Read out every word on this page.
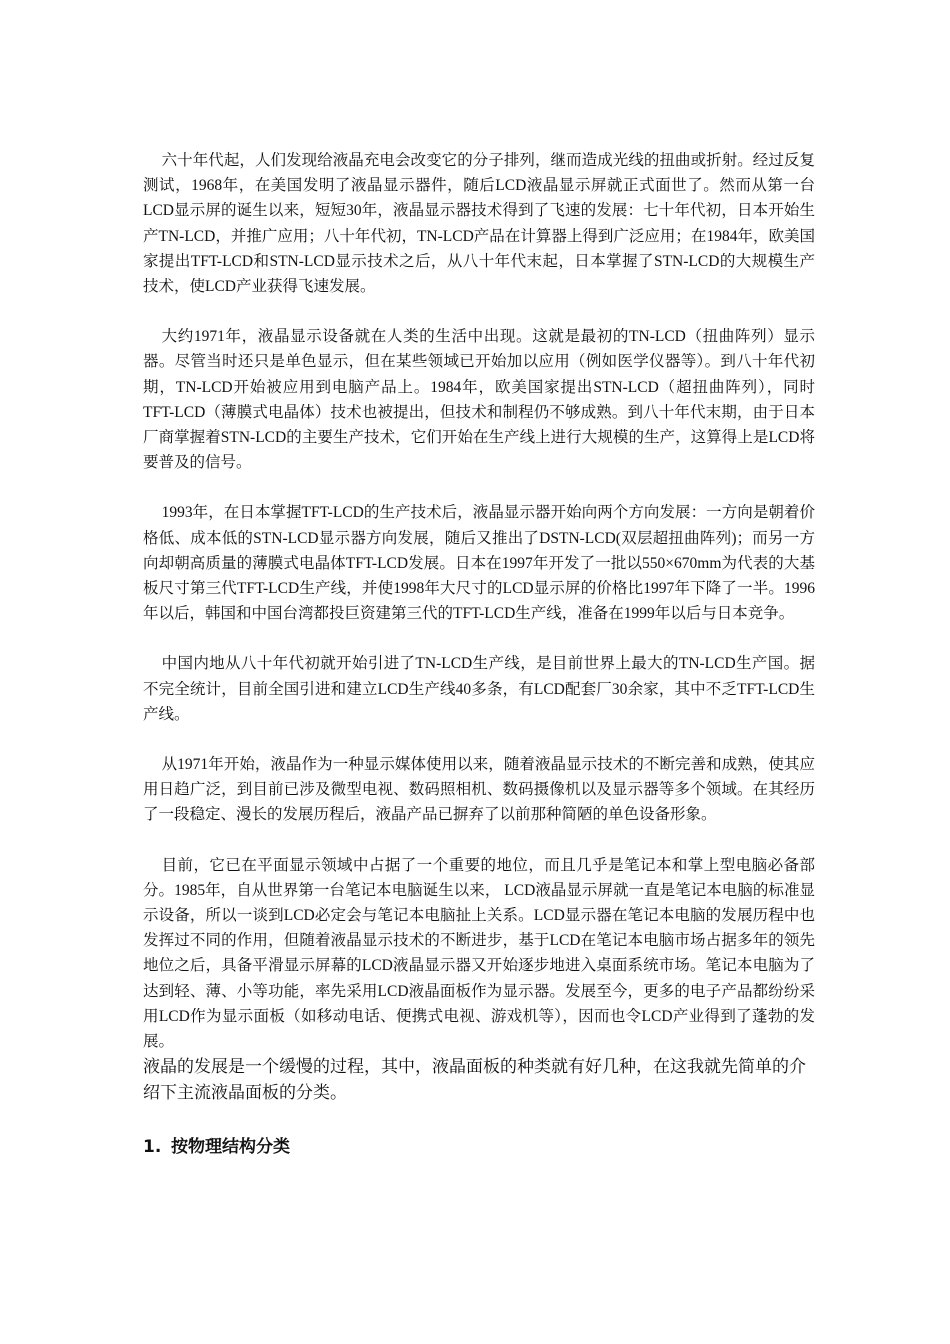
六十年代起，人们发现给液晶充电会改变它的分子排列，继而造成光线的扭曲或折射。经过反复测试，1968年，在美国发明了液晶显示器件，随后LCD液晶显示屏就正式面世了。然而从第一台LCD显示屏的诞生以来，短短30年，液晶显示器技术得到了飞速的发展：七十年代初，日本开始生产TN-LCD，并推广应用；八十年代初，TN-LCD产品在计算器上得到广泛应用；在1984年，欧美国家提出TFT-LCD和STN-LCD显示技术之后，从八十年代末起，日本掌握了STN-LCD的大规模生产技术，使LCD产业获得飞速发展。

大约1971年，液晶显示设备就在人类的生活中出现。这就是最初的TN-LCD（扭曲阵列）显示器。尽管当时还只是单色显示，但在某些领域已开始加以应用（例如医学仪器等）。到八十年代初期，TN-LCD开始被应用到电脑产品上。1984年，欧美国家提出STN-LCD（超扭曲阵列），同时TFT-LCD（薄膜式电晶体）技术也被提出，但技术和制程仍不够成熟。到八十年代末期，由于日本厂商掌握着STN-LCD的主要生产技术，它们开始在生产线上进行大规模的生产，这算得上是LCD将要普及的信号。

1993年，在日本掌握TFT-LCD的生产技术后，液晶显示器开始向两个方向发展：一方向是朝着价格低、成本低的STN-LCD显示器方向发展，随后又推出了DSTN-LCD(双层超扭曲阵列)；而另一方向却朝高质量的薄膜式电晶体TFT-LCD发展。日本在1997年开发了一批以550×670mm为代表的大基板尺寸第三代TFT-LCD生产线，并使1998年大尺寸的LCD显示屏的价格比1997年下降了一半。1996年以后，韩国和中国台湾都投巨资建第三代的TFT-LCD生产线，准备在1999年以后与日本竞争。

中国内地从八十年代初就开始引进了TN-LCD生产线，是目前世界上最大的TN-LCD生产国。据不完全统计，目前全国引进和建立LCD生产线40多条，有LCD配套厂30余家，其中不乏TFT-LCD生产线。

从1971年开始，液晶作为一种显示媒体使用以来，随着液晶显示技术的不断完善和成熟，使其应用日趋广泛，到目前已涉及微型电视、数码照相机、数码摄像机以及显示器等多个领域。在其经历了一段稳定、漫长的发展历程后，液晶产品已摒弃了以前那种简陋的单色设备形象。

目前，它已在平面显示领域中占据了一个重要的地位，而且几乎是笔记本和掌上型电脑必备部分。1985年，自从世界第一台笔记本电脑诞生以来， LCD液晶显示屏就一直是笔记本电脑的标准显示设备，所以一谈到LCD必定会与笔记本电脑扯上关系。LCD显示器在笔记本电脑的发展历程中也发挥过不同的作用，但随着液晶显示技术的不断进步，基于LCD在笔记本电脑市场占据多年的领先地位之后，具备平滑显示屏幕的LCD液晶显示器又开始逐步地进入桌面系统市场。笔记本电脑为了达到轻、薄、小等功能，率先采用LCD液晶面板作为显示器。发展至今，更多的电子产品都纷纷采用LCD作为显示面板（如移动电话、便携式电视、游戏机等），因而也令LCD产业得到了蓬勃的发展。

液晶的发展是一个缓慢的过程，其中，液晶面板的种类就有好几种，在这我就先简单的介绍下主流液晶面板的分类。

1. 按物理结构分类
